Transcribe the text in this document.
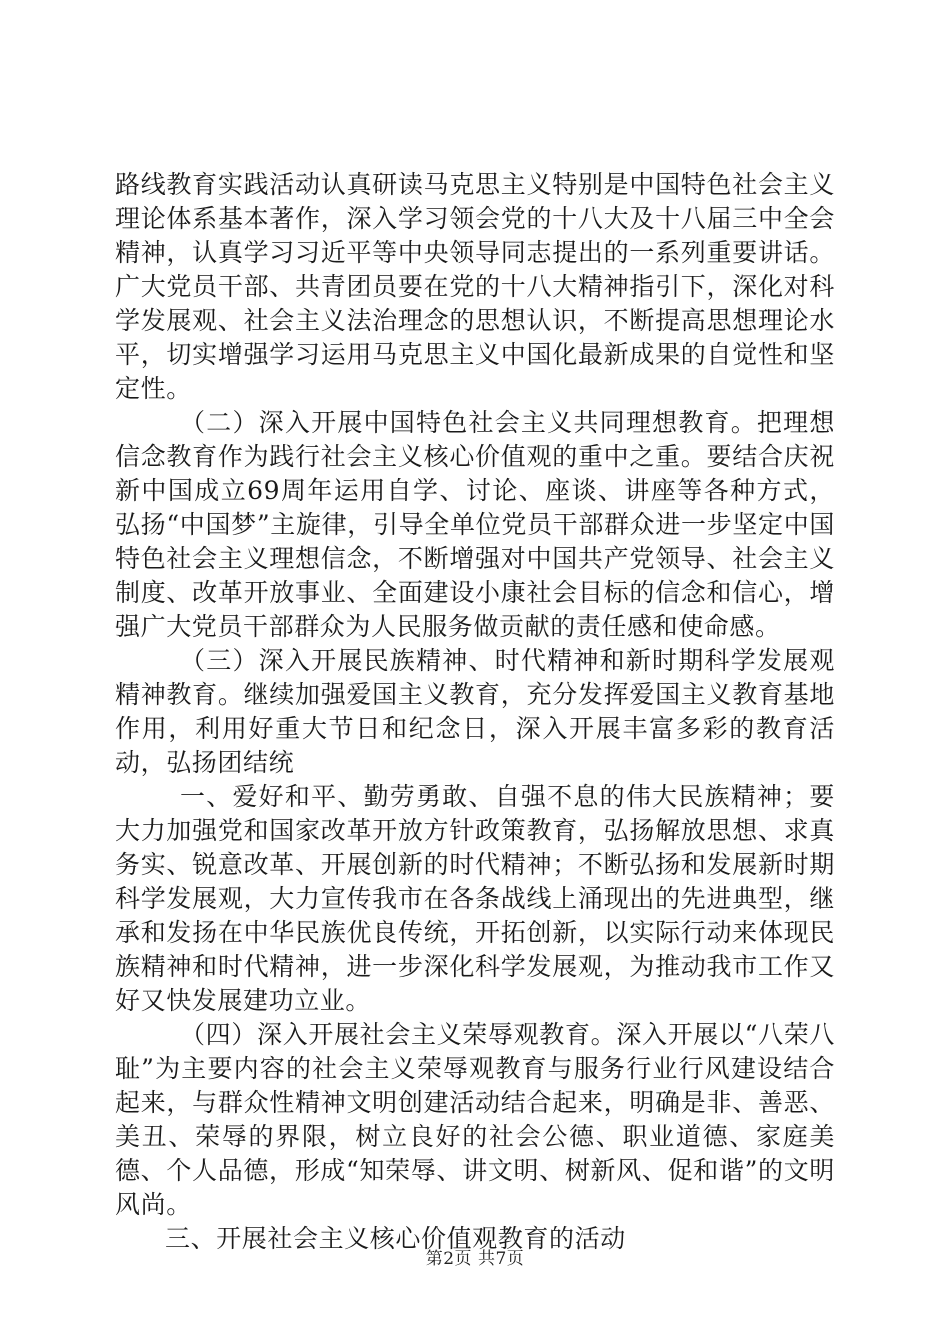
路线教育实践活动认真研读马克思主义特别是中国特色社会主义理论体系基本著作，深入学习领会党的十八大及十八届三中全会精神，认真学习习近平等中央领导同志提出的一系列重要讲话。广大党员干部、共青团员要在党的十八大精神指引下，深化对科学发展观、社会主义法治理念的思想认识，不断提高思想理论水平，切实增强学习运用马克思主义中国化最新成果的自觉性和坚定性。

（二）深入开展中国特色社会主义共同理想教育。把理想信念教育作为践行社会主义核心价值观的重中之重。要结合庆祝新中国成立69周年运用自学、讨论、座谈、讲座等各种方式，弘扬“中国梦”主旋律，引导全单位党员干部群众进一步坚定中国特色社会主义理想信念，不断增强对中国共产党领导、社会主义制度、改革开放事业、全面建设小康社会目标的信念和信心，增强广大党员干部群众为人民服务做贡献的责任感和使命感。

（三）深入开展民族精神、时代精神和新时期科学发展观精神教育。继续加强爱国主义教育，充分发挥爱国主义教育基地作用，利用好重大节日和纪念日，深入开展丰富多彩的教育活动，弘扬团结统

一、爱好和平、勤劳勇敢、自强不息的伟大民族精神；要大力加强党和国家改革开放方针政策教育，弘扬解放思想、求真务实、锐意改革、开展创新的时代精神；不断弘扬和发展新时期科学发展观，大力宣传我市在各条战线上涌现出的先进典型，继承和发扬在中华民族优良传统，开拓创新，以实际行动来体现民族精神和时代精神，进一步深化科学发展观，为推动我市工作又好又快发展建功立业。

（四）深入开展社会主义荣辱观教育。深入开展以“八荣八耻”为主要内容的社会主义荣辱观教育与服务行业行风建设结合起来，与群众性精神文明创建活动结合起来，明确是非、善恶、美丑、荣辱的界限，树立良好的社会公德、职业道德、家庭美德、个人品德，形成“知荣辱、讲文明、树新风、促和谐”的文明风尚。

三、开展社会主义核心价值观教育的活动

第2页 共7页
